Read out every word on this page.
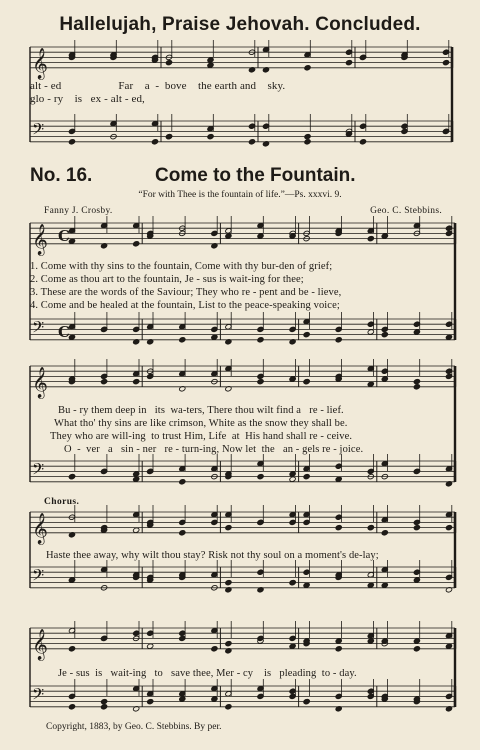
Hallelujah, Praise Jehovah. Concluded.
alt - ed                    Far    a  -  bove    the earth and    sky.
glo - ry    is   ex - alt - ed,
No. 16.	Come to the Fountain.
“For with Thee is the fountain of life.”—Ps. xxxvi. 9.
Fanny J. Crosby.	Geo. C. Stebbins.
1. Come with thy sins to the fountain, Come with thy bur-den of grief;
2. Come as thou art to the fountain, Je - sus is wait-ing for thee;
3. These are the words of the Saviour; They who re - pent and be - lieve,
4. Come and be healed at the fountain, List to the peace-speaking voice;
Bu - ry them deep in   its  wa-ters, There thou wilt find a   re - lief.
What tho' thy sins are like crimson, White as the snow they shall be.
They who are will-ing  to trust Him, Life  at  His hand shall re - ceive.
O  -  ver   a   sin - ner   re - turn-ing, Now let  the   an - gels re - joice.
Chorus.
Haste thee away, why wilt thou stay? Risk not thy soul on a moment's de-lay;
Je - sus  is   wait-ing   to   save thee, Mer - cy    is   pleading  to - day.
Copyright, 1883, by Geo. C. Stebbins. By per.
𝄞
𝄢
𝄞
𝄢
𝄞
𝄢
𝄞
𝄢
𝄞
𝄢
C
C
